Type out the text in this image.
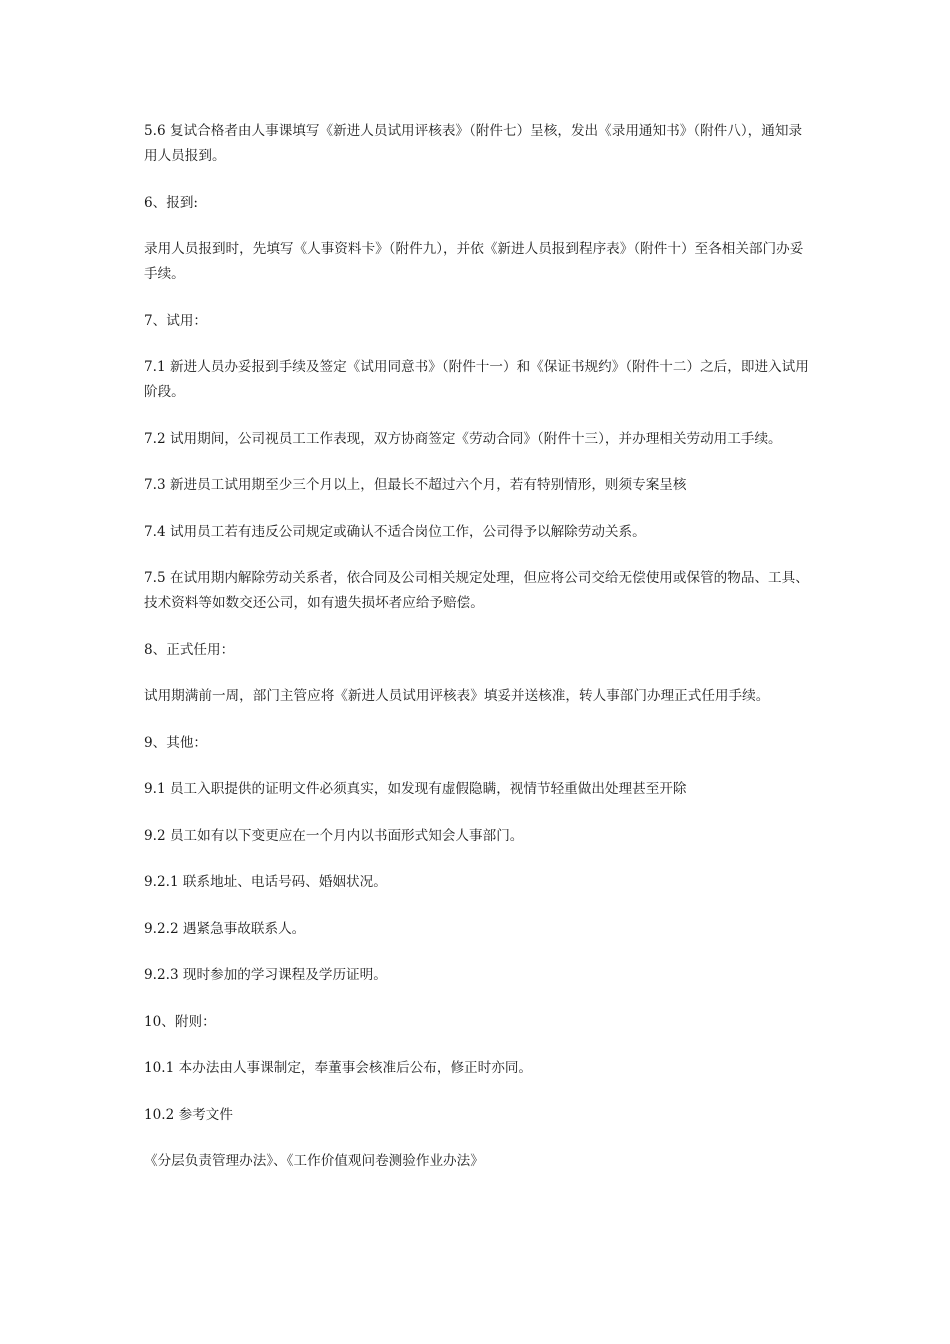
5.6 复试合格者由人事课填写《新进人员试用评核表》（附件七）呈核，发出《录用通知书》（附件八），通知录用人员报到。

6、报到:

录用人员报到时，先填写《人事资料卡》（附件九），并依《新进人员报到程序表》（附件十）至各相关部门办妥手续。

7、试用：

7.1 新进人员办妥报到手续及签定《试用同意书》（附件十一）和《保证书规约》（附件十二）之后，即进入试用阶段。

7.2 试用期间，公司视员工工作表现，双方协商签定《劳动合同》（附件十三），并办理相关劳动用工手续。

7.3 新进员工试用期至少三个月以上，但最长不超过六个月，若有特别情形，则须专案呈核

7.4 试用员工若有违反公司规定或确认不适合岗位工作，公司得予以解除劳动关系。

7.5 在试用期内解除劳动关系者，依合同及公司相关规定处理，但应将公司交给无偿使用或保管的物品、工具、技术资料等如数交还公司，如有遗失损坏者应给予赔偿。

8、正式任用：

试用期满前一周，部门主管应将《新进人员试用评核表》填妥并送核准，转人事部门办理正式任用手续。

9、其他：

9.1 员工入职提供的证明文件必须真实，如发现有虚假隐瞒，视情节轻重做出处理甚至开除

9.2 员工如有以下变更应在一个月内以书面形式知会人事部门。

9.2.1 联系地址、电话号码、婚姻状况。

9.2.2 遇紧急事故联系人。

9.2.3 现时参加的学习课程及学历证明。

10、附则：

10.1 本办法由人事课制定，奉董事会核准后公布，修正时亦同。

10.2 参考文件

《分层负责管理办法》、《工作价值观问卷测验作业办法》
